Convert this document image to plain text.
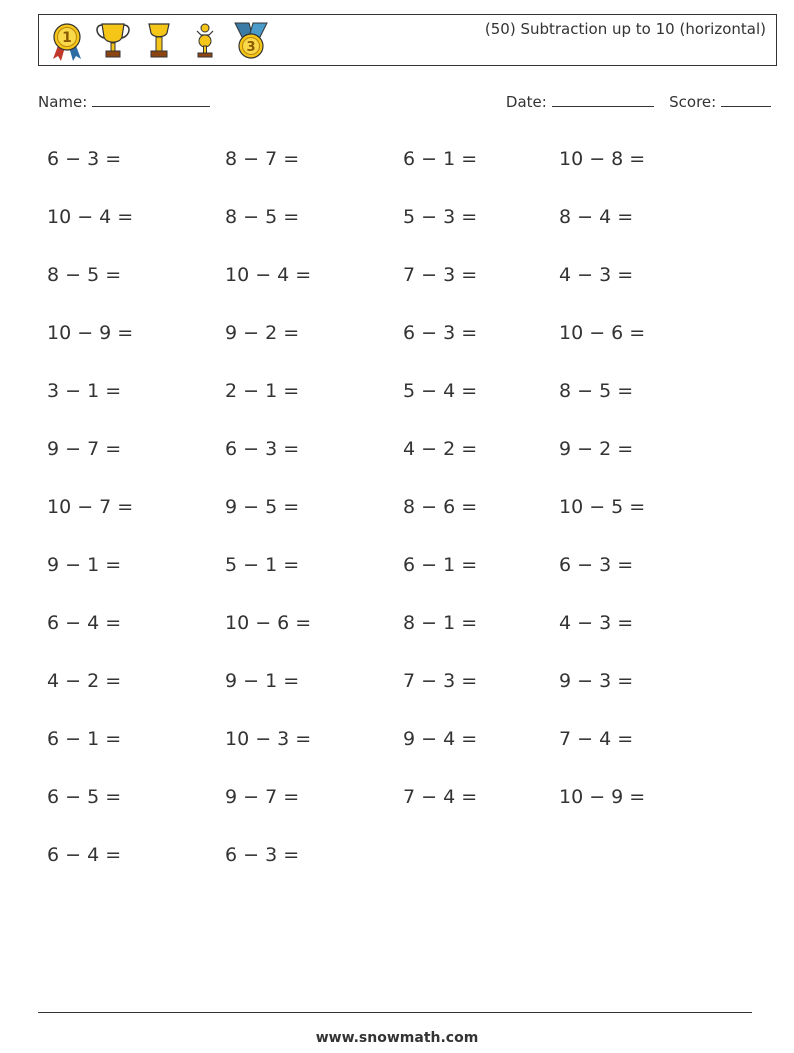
1
3
(50) Subtraction up to 10 (horizontal)
Name:	Date:	Score:
6 − 3 =	8 − 7 =	6 − 1 =	10 − 8 =
10 − 4 =	8 − 5 =	5 − 3 =	8 − 4 =
8 − 5 =	10 − 4 =	7 − 3 =	4 − 3 =
10 − 9 =	9 − 2 =	6 − 3 =	10 − 6 =
3 − 1 =	2 − 1 =	5 − 4 =	8 − 5 =
9 − 7 =	6 − 3 =	4 − 2 =	9 − 2 =
10 − 7 =	9 − 5 =	8 − 6 =	10 − 5 =
9 − 1 =	5 − 1 =	6 − 1 =	6 − 3 =
6 − 4 =	10 − 6 =	8 − 1 =	4 − 3 =
4 − 2 =	9 − 1 =	7 − 3 =	9 − 3 =
6 − 1 =	10 − 3 =	9 − 4 =	7 − 4 =
6 − 5 =	9 − 7 =	7 − 4 =	10 − 9 =
6 − 4 =	6 − 3 =
www.snowmath.com
